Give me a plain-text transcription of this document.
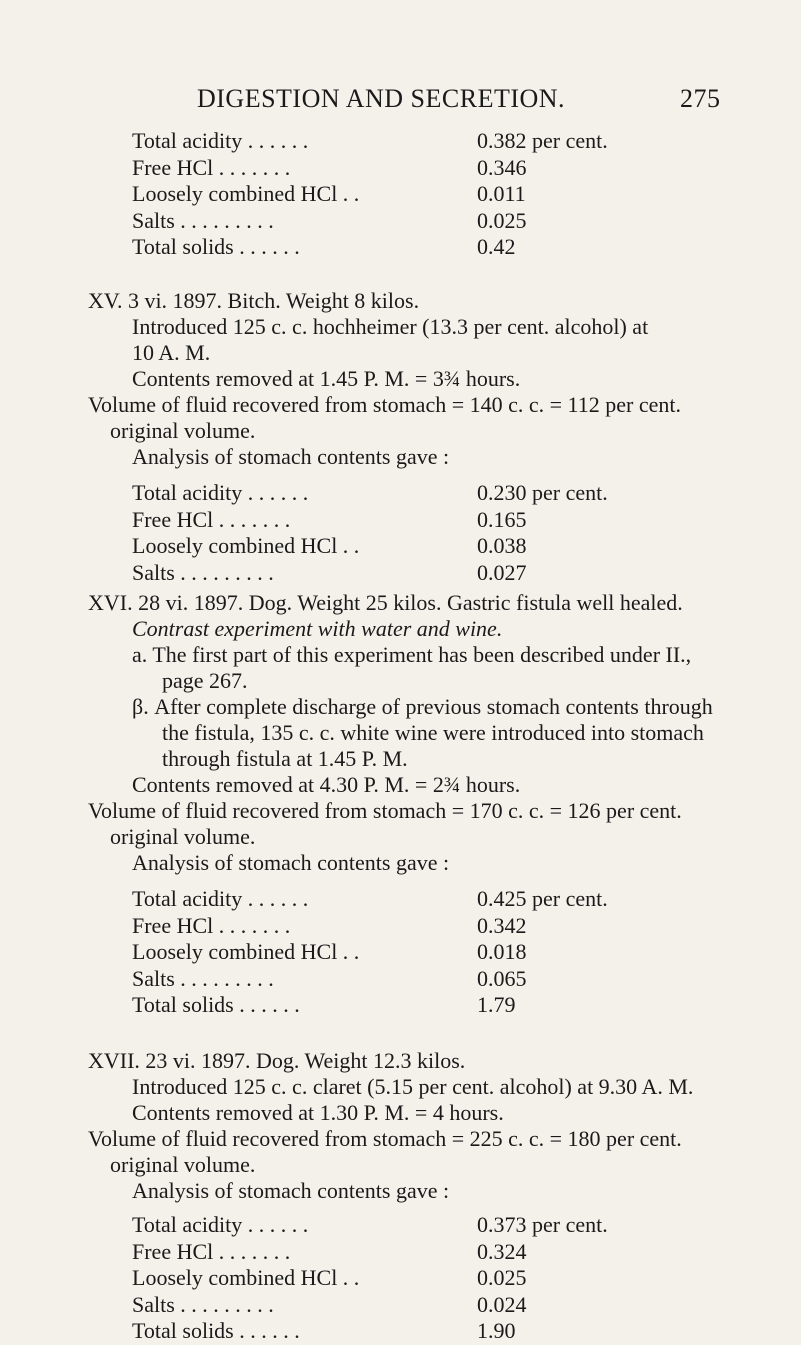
DIGESTION AND SECRETION.	275
Total acidity . . . . . .	0.382 per cent.
Free HCl . . . . . . .	0.346
Loosely combined HCl . .	0.011
Salts . . . . . . . . .	0.025
Total solids . . . . . .	0.42
XV. 3 vi. 1897. Bitch. Weight 8 kilos.
Introduced 125 c. c. hochheimer (13.3 per cent. alcohol) at
10 A. M.
Contents removed at 1.45 P. M. = 3¾ hours.
Volume of fluid recovered from stomach = 140 c. c. = 112 per cent.
original volume.
Analysis of stomach contents gave :
Total acidity . . . . . .	0.230 per cent.
Free HCl . . . . . . .	0.165
Loosely combined HCl . .	0.038
Salts . . . . . . . . .	0.027
XVI. 28 vi. 1897. Dog. Weight 25 kilos. Gastric fistula well healed.
Contrast experiment with water and wine.
a. The first part of this experiment has been described under II.,
page 267.
β. After complete discharge of previous stomach contents through
the fistula, 135 c. c. white wine were introduced into stomach
through fistula at 1.45 P. M.
Contents removed at 4.30 P. M. = 2¾ hours.
Volume of fluid recovered from stomach = 170 c. c. = 126 per cent.
original volume.
Analysis of stomach contents gave :
Total acidity . . . . . .	0.425 per cent.
Free HCl . . . . . . .	0.342
Loosely combined HCl . .	0.018
Salts . . . . . . . . .	0.065
Total solids . . . . . .	1.79
XVII. 23 vi. 1897. Dog. Weight 12.3 kilos.
Introduced 125 c. c. claret (5.15 per cent. alcohol) at 9.30 A. M.
Contents removed at 1.30 P. M. = 4 hours.
Volume of fluid recovered from stomach = 225 c. c. = 180 per cent.
original volume.
Analysis of stomach contents gave :
Total acidity . . . . . .	0.373 per cent.
Free HCl . . . . . . .	0.324
Loosely combined HCl . .	0.025
Salts . . . . . . . . .	0.024
Total solids . . . . . .	1.90
